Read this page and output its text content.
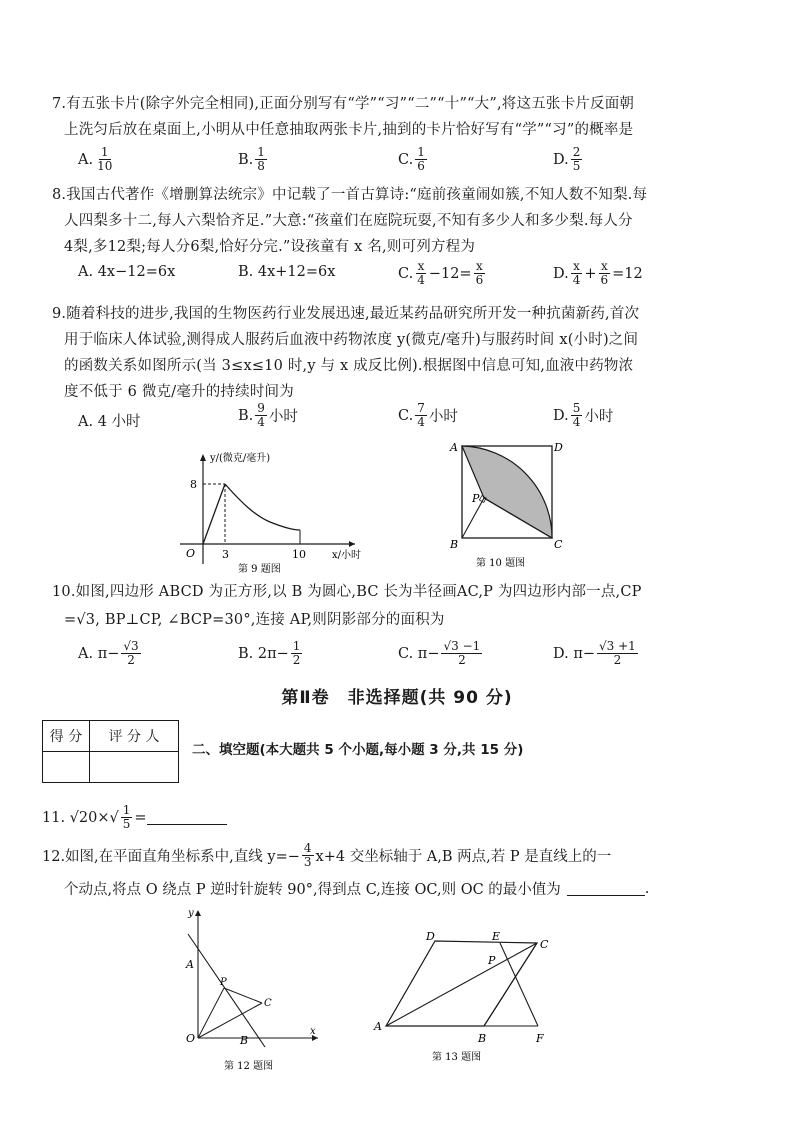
7.有五张卡片(除字外完全相同),正面分别写有“学”“习”“二”“十”“大”,将这五张卡片反面朝
上洗匀后放在桌面上,小明从中任意抽取两张卡片,抽到的卡片恰好写有“学”“习”的概率是
A. $\frac{1}{10}$	B. $\frac{1}{8}$	C. $\frac{1}{6}$	D. $\frac{2}{5}$
8.我国古代著作《增删算法统宗》中记载了一首古算诗:“庭前孩童闹如簇,不知人数不知梨.每
人四梨多十二,每人六梨恰齐足.”大意:“孩童们在庭院玩耍,不知有多少人和多少梨.每人分
4梨,多12梨;每人分6梨,恰好分完.”设孩童有 x 名,则可列方程为
A. 4x−12=6x	B. 4x+12=6x	C. $\frac{x}{4} -12= \frac{x}{6}$	D. $\frac{x}{4} + \frac{x}{6} =12$
9.随着科技的进步,我国的生物医药行业发展迅速,最近某药品研究所开发一种抗菌新药,首次
用于临床人体试验,测得成人服药后血液中药物浓度 y(微克/毫升)与服药时间 x(小时)之间
的函数关系如图所示(当 3≤x≤10 时,y 与 x 成反比例).根据图中信息可知,血液中药物浓
度不低于 6 微克/毫升的持续时间为
A. 4 小时	B. $\frac{9}{4}$ 小时	C. $\frac{7}{4}$ 小时	D. $\frac{5}{4}$ 小时
y/(微克/毫升)
x/小时
O
8
3	10
第 9 题图
A	D
B	C
P
第 10 题图
10.如图,四边形 ABCD 为正方形,以 B 为圆心,BC 长为半径画AC,P 为四边形内部一点,CP
=√3, BP⊥CP, ∠BCP=30°,连接 AP,则阴影部分的面积为
A.
$\pi- \frac{√3}{2}$	B.
$2\pi- \frac{1}{2}$	C.
$\pi- \frac{√3 -1}{2}$	D.
$\pi- \frac{√3 +1}{2}$
第Ⅱ卷　非选择题(共 90 分)
得 分	评 分 人

二、填空题(本大题共 5 个小题,每小题 3 分,共 15 分)
11.
√20 × √ $\frac{1}{5}$ =
12.如图,在平面直角坐标系中,直线 $y=- \frac{4}{3} x+4$ 交坐标轴于 A,B 两点,若 P 是直线上的一
个动点,将点 O 绕点 P 逆时针旋转 90°,得到点 C,连接 OC,则 OC 的最小值为	.
y
x
O
A
B
P
C
第 12 题图
A
B	F
C
D	E
P
第 13 题图
